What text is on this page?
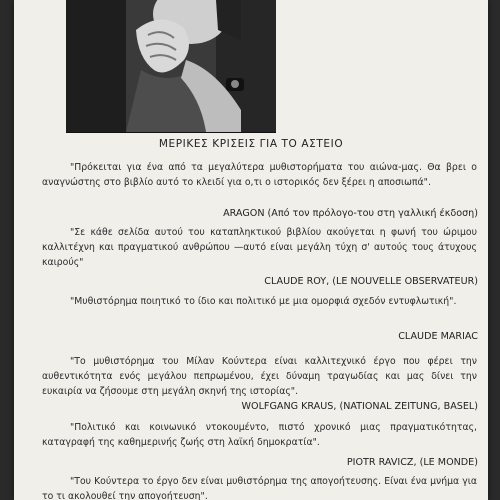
ΜΕΡΙΚΕΣ ΚΡΙΣΕΙΣ ΓΙΑ ΤΟ ΑΣΤΕΙΟ
"Πρόκειται για ένα από τα μεγαλύτερα μυθιστορήματα του αιώνα-μας. Θα βρει ο αναγνώστης στο βιβλίο αυτό το κλειδί για ο,τι ο ιστορικός δεν ξέρει η αποσιωπά".
ARAGON (Από τον πρόλογο-του στη γαλλική έκδοση)
"Σε κάθε σελίδα αυτού του καταπληκτικού βιβλίου ακούγεται η φωνή του ώριμου καλλιτέχνη και πραγματικού ανθρώπου —αυτό είναι μεγάλη τύχη σ' αυτούς τους άτυχους καιρούς"
CLAUDE ROY, (LE NOUVELLE OBSERVATEUR)
"Μυθιστόρημα ποιητικό το ίδιο και πολιτικό με μια ομορφιά σχεδόν εντυφλωτική".
CLAUDE MARIAC
"Το μυθιστόρημα του Μίλαν Κούντερα είναι καλλιτεχνικό έργο που φέρει την αυθεντικότητα ενός μεγάλου πεπρωμένου, έχει δύναμη τραγωδίας και μας δίνει την ευκαιρία να ζήσουμε στη μεγάλη σκηνή της ιστορίας".
WOLFGANG KRAUS, (NATIONAL ZEITUNG, BASEL)
"Πολιτικό και κοινωνικό ντοκουμέντο, πιστό χρονικό μιας πραγματικότητας, καταγραφή της καθημερινής ζωής στη λαϊκή δημοκρατία".
PIOTR RAVICZ, (LE MONDE)
"Του Κούντερα το έργο δεν είναι μυθιστόρημα της απογοήτευσης. Είναι ένα μνήμα για το τι ακολουθεί την απογοήτευση".
